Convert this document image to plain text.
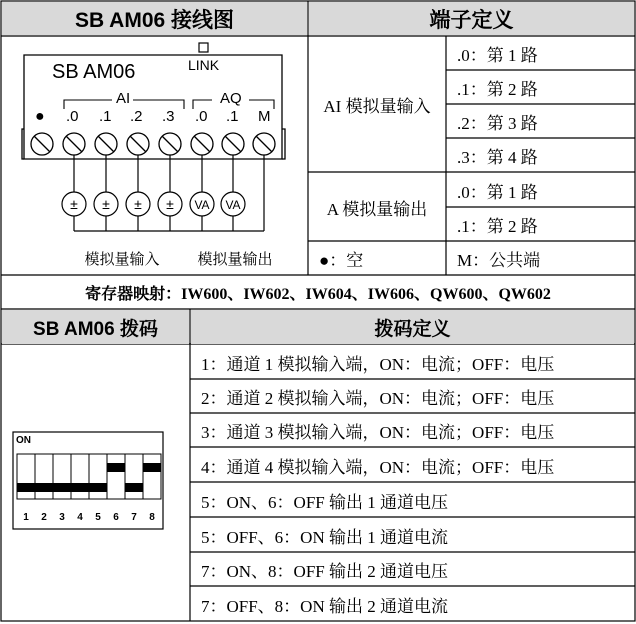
SB AM06 接线图	端子定义
SB AM06	LINK
AI	AQ
● .0 .1 .2 .3 .0 .1 M
± ± ± ± VA VA
模拟量输入	模拟量输出
AI 模拟量输入
.0：第 1 路
.1：第 2 路
.2：第 3 路
.3：第 4 路
A 模拟量输出
.0：第 1 路
.1：第 2 路
●：空	M：公共端
寄存器映射：IW600、IW602、IW604、IW606、QW600、QW602
SB AM06 拨码	拨码定义
ON
1 2 3 4 5 6 7 8
1：通道 1 模拟输入端，ON：电流；OFF：电压
2：通道 2 模拟输入端，ON：电流；OFF：电压
3：通道 3 模拟输入端，ON：电流；OFF：电压
4：通道 4 模拟输入端，ON：电流；OFF：电压
5：ON、6：OFF 输出 1 通道电压
5：OFF、6：ON 输出 1 通道电流
7：ON、8：OFF 输出 2 通道电压
7：OFF、8：ON 输出 2 通道电流
